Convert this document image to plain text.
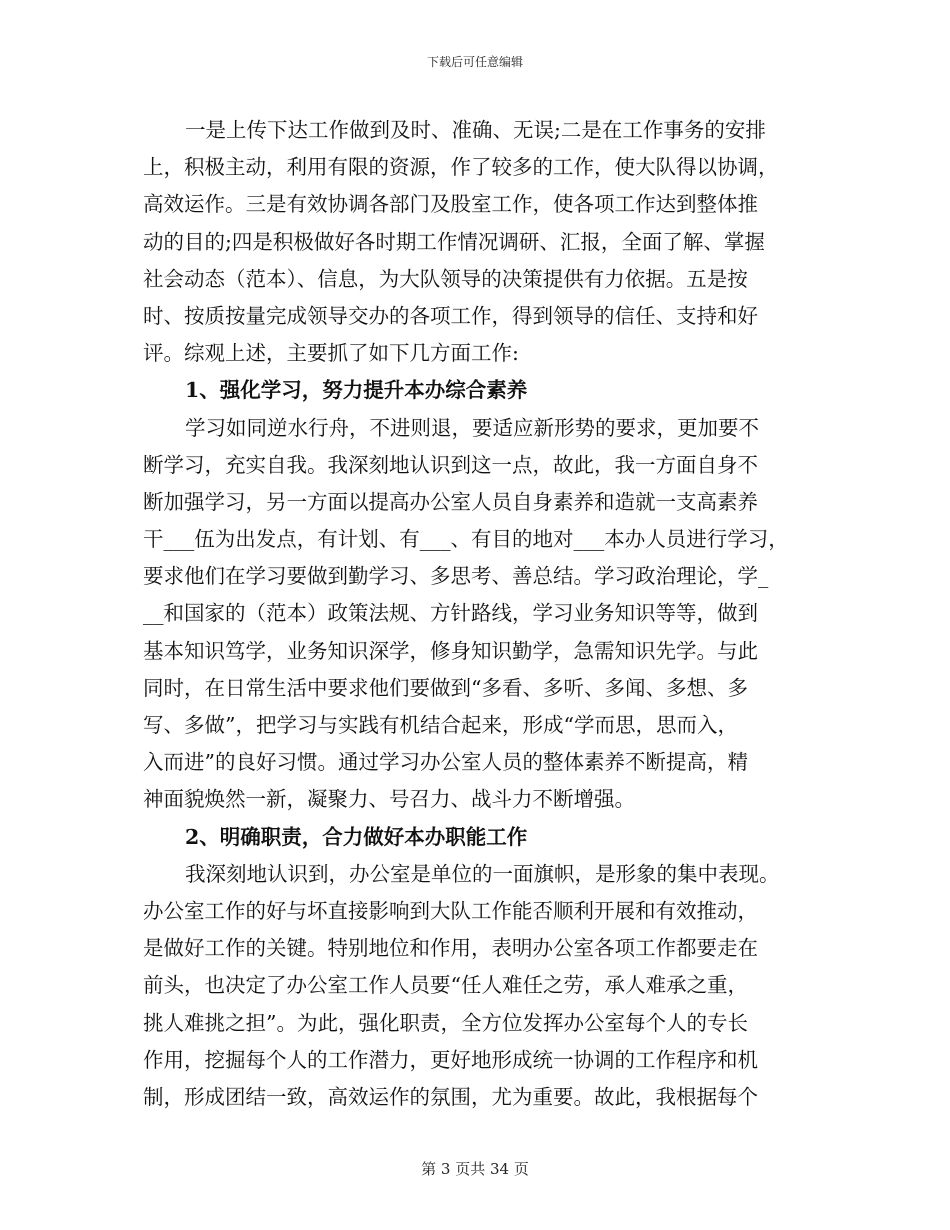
下载后可任意编辑
一是上传下达工作做到及时、准确、无误;二是在工作事务的安排
上，积极主动，利用有限的资源，作了较多的工作，使大队得以协调，
高效运作。三是有效协调各部门及股室工作，使各项工作达到整体推
动的目的;四是积极做好各时期工作情况调研、汇报，全面了解、掌握
社会动态（范本）、信息，为大队领导的决策提供有力依据。五是按
时、按质按量完成领导交办的各项工作，得到领导的信任、支持和好
评。综观上述，主要抓了如下几方面工作:
1、强化学习，努力提升本办综合素养
学习如同逆水行舟，不进则退，要适应新形势的要求，更加要不
断学习，充实自我。我深刻地认识到这一点，故此，我一方面自身不
断加强学习，另一方面以提高办公室人员自身素养和造就一支高素养
干___伍为出发点，有计划、有___、有目的地对___本办人员进行学习，
要求他们在学习要做到勤学习、多思考、善总结。学习政治理论，学_
__和国家的（范本）政策法规、方针路线，学习业务知识等等，做到
基本知识笃学，业务知识深学，修身知识勤学，急需知识先学。与此
同时，在日常生活中要求他们要做到“多看、多听、多闻、多想、多
写、多做”，把学习与实践有机结合起来，形成“学而思，思而入，
入而进”的良好习惯。通过学习办公室人员的整体素养不断提高，精
神面貌焕然一新，凝聚力、号召力、战斗力不断增强。
2、明确职责，合力做好本办职能工作
我深刻地认识到，办公室是单位的一面旗帜，是形象的集中表现。
办公室工作的好与坏直接影响到大队工作能否顺利开展和有效推动，
是做好工作的关键。特别地位和作用，表明办公室各项工作都要走在
前头，也决定了办公室工作人员要“任人难任之劳，承人难承之重，
挑人难挑之担”。为此，强化职责，全方位发挥办公室每个人的专长
作用，挖掘每个人的工作潜力，更好地形成统一协调的工作程序和机
制，形成团结一致，高效运作的氛围，尤为重要。故此，我根据每个
第 3 页共 34 页
